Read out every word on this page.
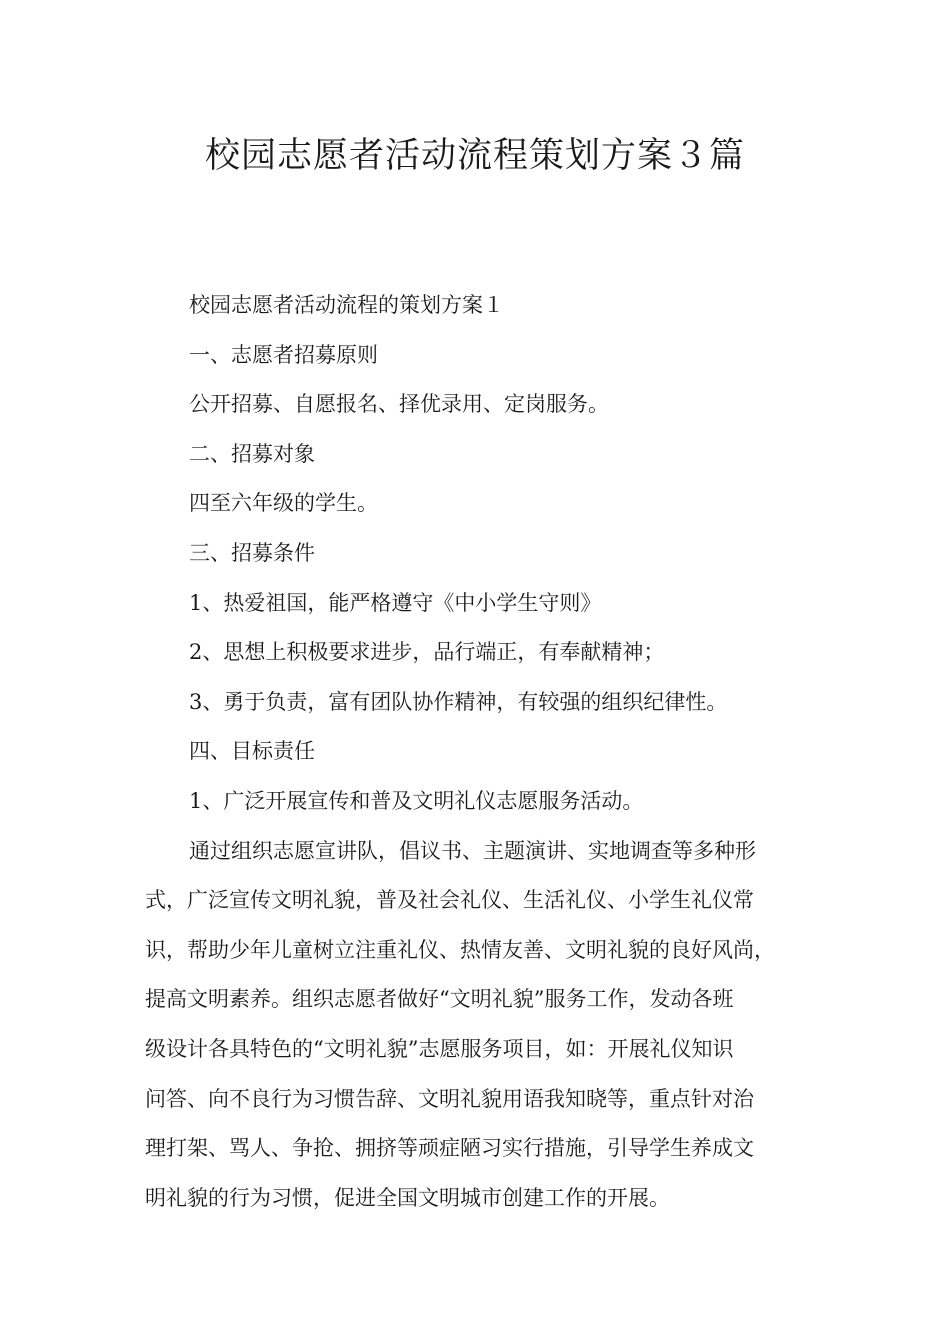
校园志愿者活动流程策划方案３篇
校园志愿者活动流程的策划方案１
一、志愿者招募原则
公开招募、自愿报名、择优录用、定岗服务。
二、招募对象
四至六年级的学生。
三、招募条件
1、热爱祖国，能严格遵守《中小学生守则》
2、思想上积极要求进步，品行端正，有奉献精神；
3、勇于负责，富有团队协作精神，有较强的组织纪律性。
四、目标责任
1、广泛开展宣传和普及文明礼仪志愿服务活动。
通过组织志愿宣讲队，倡议书、主题演讲、实地调查等多种形
式，广泛宣传文明礼貌，普及社会礼仪、生活礼仪、小学生礼仪常
识，帮助少年儿童树立注重礼仪、热情友善、文明礼貌的良好风尚，
提高文明素养。组织志愿者做好“文明礼貌”服务工作，发动各班
级设计各具特色的“文明礼貌”志愿服务项目，如：开展礼仪知识
问答、向不良行为习惯告辞、文明礼貌用语我知晓等，重点针对治
理打架、骂人、争抢、拥挤等顽症陋习实行措施，引导学生养成文
明礼貌的行为习惯，促进全国文明城市创建工作的开展。
